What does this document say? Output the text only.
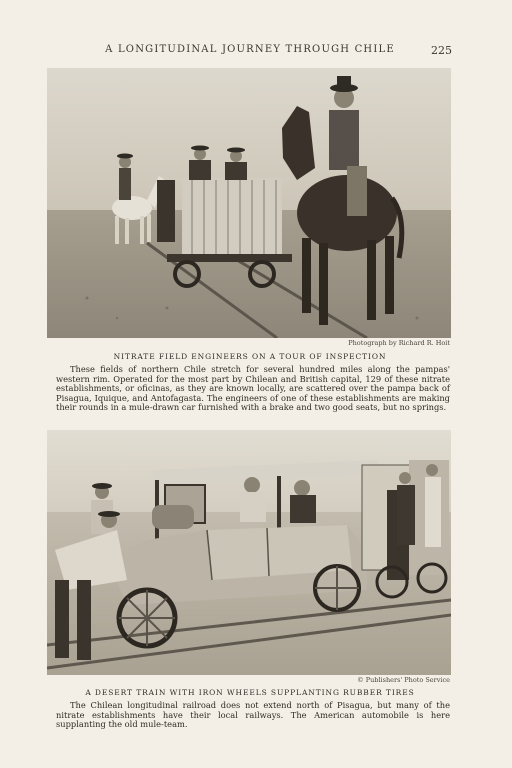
A LONGITUDINAL JOURNEY THROUGH CHILE	225
Photograph by Richard R. Hoit
NITRATE FIELD ENGINEERS ON A TOUR OF INSPECTION
These fields of northern Chile stretch for several hundred miles along the pampas' western rim. Operated for the most part by Chilean and British capital, 129 of these nitrate establishments, or oficinas, as they are known locally, are scattered over the pampa back of Pisagua, Iquique, and Antofagasta. The engineers of one of these establishments are making their rounds in a mule-drawn car furnished with a brake and two good seats, but no springs.
© Publishers' Photo Service
A DESERT TRAIN WITH IRON WHEELS SUPPLANTING RUBBER TIRES
The Chilean longitudinal railroad does not extend north of Pisagua, but many of the nitrate establishments have their local railways. The American automobile is here supplanting the old mule-team.
